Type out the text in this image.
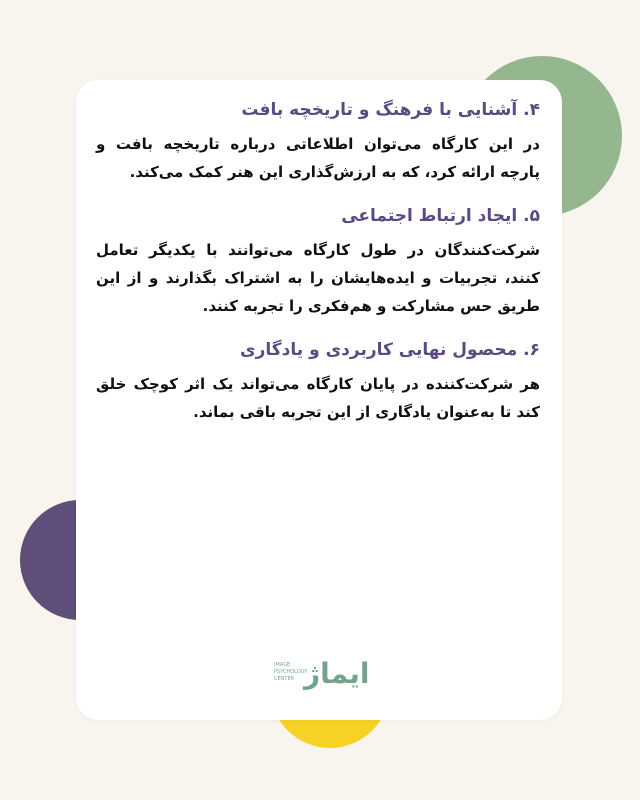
۴. آشنایی با فرهنگ و تاریخچه بافت

در این کارگاه می‌توان اطلاعاتی درباره تاریخچه بافت و پارچه ارائه کرد، که به ارزش‌گذاری این هنر کمک می‌کند.

۵. ایجاد ارتباط اجتماعی

شرکت‌کنندگان در طول کارگاه می‌توانند با یکدیگر تعامل کنند، تجربیات و ایده‌هایشان را به اشتراک بگذارند و از این طریق حس مشارکت و هم‌فکری را تجربه کنند.

۶. محصول نهایی کاربردی و یادگاری

هر شرکت‌کننده در پایان کارگاه می‌تواند یک اثر کوچک خلق کند تا به‌عنوان یادگاری از این تجربه باقی بماند.

IMAGE
PSYCHOLOGY
CENTER ایماژ
